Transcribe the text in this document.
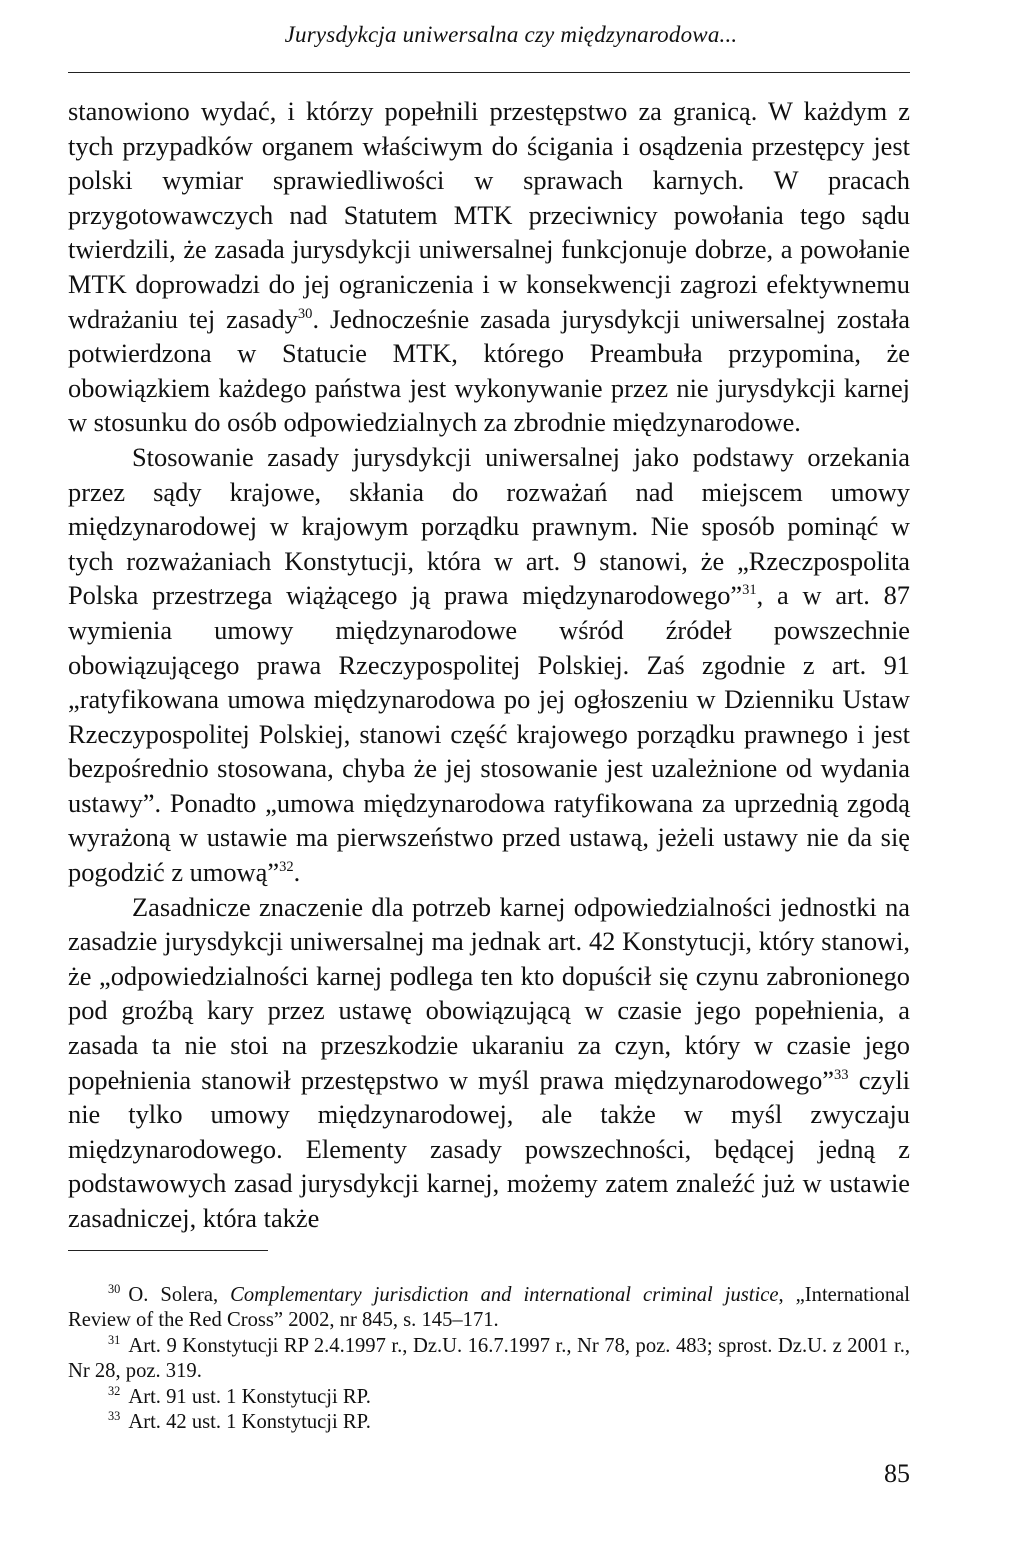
Jurysdykcja uniwersalna czy międzynarodowa...

stanowiono wydać, i którzy popełnili przestępstwo za granicą. W każdym z tych przypadków organem właściwym do ścigania i osądzenia przestępcy jest polski wymiar sprawiedliwości w sprawach karnych. W pracach przygotowawczych nad Statutem MTK przeciwnicy powołania tego sądu twierdzili, że zasada jurysdykcji uniwersalnej funkcjonuje dobrze, a powołanie MTK doprowadzi do jej ograniczenia i w konsekwencji zagrozi efektywnemu wdrażaniu tej zasady$^{30}$. Jednocześnie zasada jurysdykcji uniwersalnej została potwierdzona w Statucie MTK, którego Preambuła przypomina, że obowiązkiem każdego państwa jest wykonywanie przez nie jurysdykcji karnej w stosunku do osób odpowiedzialnych za zbrodnie międzynarodowe.

Stosowanie zasady jurysdykcji uniwersalnej jako podstawy orzekania przez sądy krajowe, skłania do rozważań nad miejscem umowy międzynarodowej w krajowym porządku prawnym. Nie sposób pominąć w tych rozważaniach Konstytucji, która w art. 9 stanowi, że „Rzeczpospolita Polska przestrzega wiążącego ją prawa międzynarodowego”$^{31}$, a w art. 87 wymienia umowy międzynarodowe wśród źródeł powszechnie obowiązującego prawa Rzeczypospolitej Polskiej. Zaś zgodnie z art. 91 „ratyfikowana umowa międzynarodowa po jej ogłoszeniu w Dzienniku Ustaw Rzeczypospolitej Polskiej, stanowi część krajowego porządku prawnego i jest bezpośrednio stosowana, chyba że jej stosowanie jest uzależnione od wydania ustawy”. Ponadto „umowa międzynarodowa ratyfikowana za uprzednią zgodą wyrażoną w ustawie ma pierwszeństwo przed ustawą, jeżeli ustawy nie da się pogodzić z umową”$^{32}$.

Zasadnicze znaczenie dla potrzeb karnej odpowiedzialności jednostki na zasadzie jurysdykcji uniwersalnej ma jednak art. 42 Konstytucji, który stanowi, że „odpowiedzialności karnej podlega ten kto dopuścił się czynu zabronionego pod groźbą kary przez ustawę obowiązującą w czasie jego popełnienia, a zasada ta nie stoi na przeszkodzie ukaraniu za czyn, który w czasie jego popełnienia stanowił przestępstwo w myśl prawa międzynarodowego”$^{33}$ czyli nie tylko umowy międzynarodowej, ale także w myśl zwyczaju międzynarodowego. Elementy zasady powszechności, będącej jedną z podstawowych zasad jurysdykcji karnej, możemy zatem znaleźć już w ustawie zasadniczej, która także

$^{30}$ O. Solera, Complementary jurisdiction and international criminal justice, „International Review of the Red Cross” 2002, nr 845, s. 145–171.

$^{31}$ Art. 9 Konstytucji RP 2.4.1997 r., Dz.U. 16.7.1997 r., Nr 78, poz. 483; sprost. Dz.U. z 2001 r., Nr 28, poz. 319.

$^{32}$ Art. 91 ust. 1 Konstytucji RP.

$^{33}$ Art. 42 ust. 1 Konstytucji RP.

85
